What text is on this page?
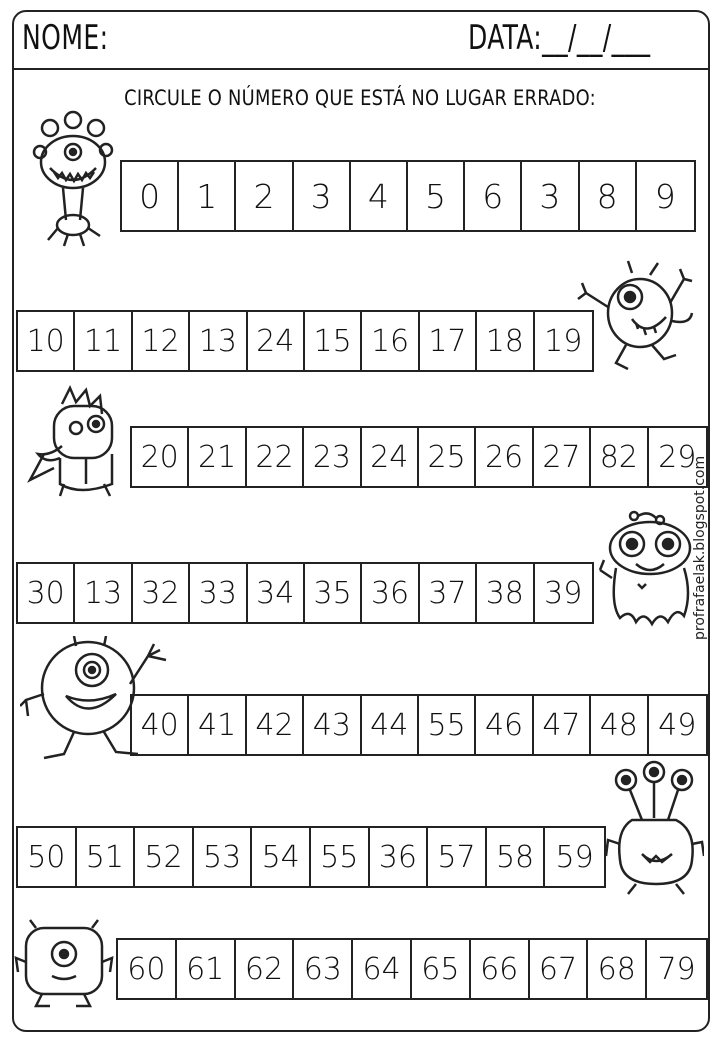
NOME:	DATA:__/__/___
CIRCULE O NÚMERO QUE ESTÁ NO LUGAR ERRADO:
0	1	2	3	4	5	6	3	8	9
10 11 12 13 24 15 16 17 18 19
20 21 22 23 24 25 26 27 82 29
30 13 32 33 34 35 36 37 38 39
40 41 42 43 44 55 46 47 48 49
50 51 52 53 54 55 36 57 58 59
60 61 62 63 64 65 66 67 68 79
profrafaelak.blogspot.com
